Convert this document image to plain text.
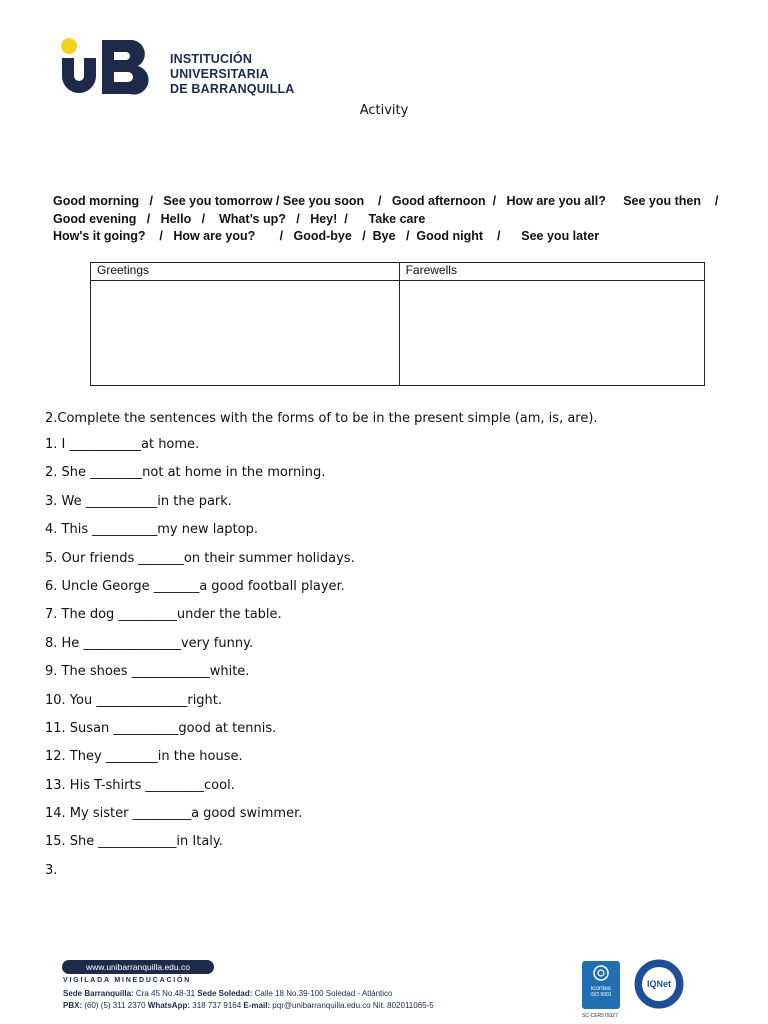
INSTITUCIÓN
UNIVERSITARIA
DE BARRANQUILLA
Activity
Good morning   /   See you tomorrow / See you soon    /   Good afternoon  /   How are you all?     See you then    /
Good evening   /   Hello   /    What’s up?   /   Hey!  /      Take care
How's it going?    /   How are you?       /   Good-bye   /  Bye   /  Good night    /      See you later
Greetings	Farewells

2.Complete the sentences with the forms of to be in the present simple (am, is, are).
1. I ___________at home.
2. She ________not at home in the morning.
3. We ___________in the park.
4. This __________my new laptop.
5. Our friends _______on their summer holidays.
6. Uncle George _______a good football player.
7. The dog _________under the table.
8. He _______________very funny.
9. The shoes ____________white.
10. You ______________right.
11. Susan __________good at tennis.
12. They ________in the house.
13. His T-shirts _________cool.
14. My sister _________a good swimmer.
15. She ____________in Italy.
3.
www.unibarranquilla.edu.co
VIGILADA MINEDUCACIÓN
Sede Barranquilla: Cra 45 No.48-31 Sede Soledad: Calle 18 No.39-100 Soledad - Atlántico
PBX: (60) (5) 311 2370 WhatsApp: 318 737 9164 E-mail: pqr@unibarranquilla.edu.co Nit: 802011065-5
icontec
ISO 9001
IQNet
SC-CER579327
